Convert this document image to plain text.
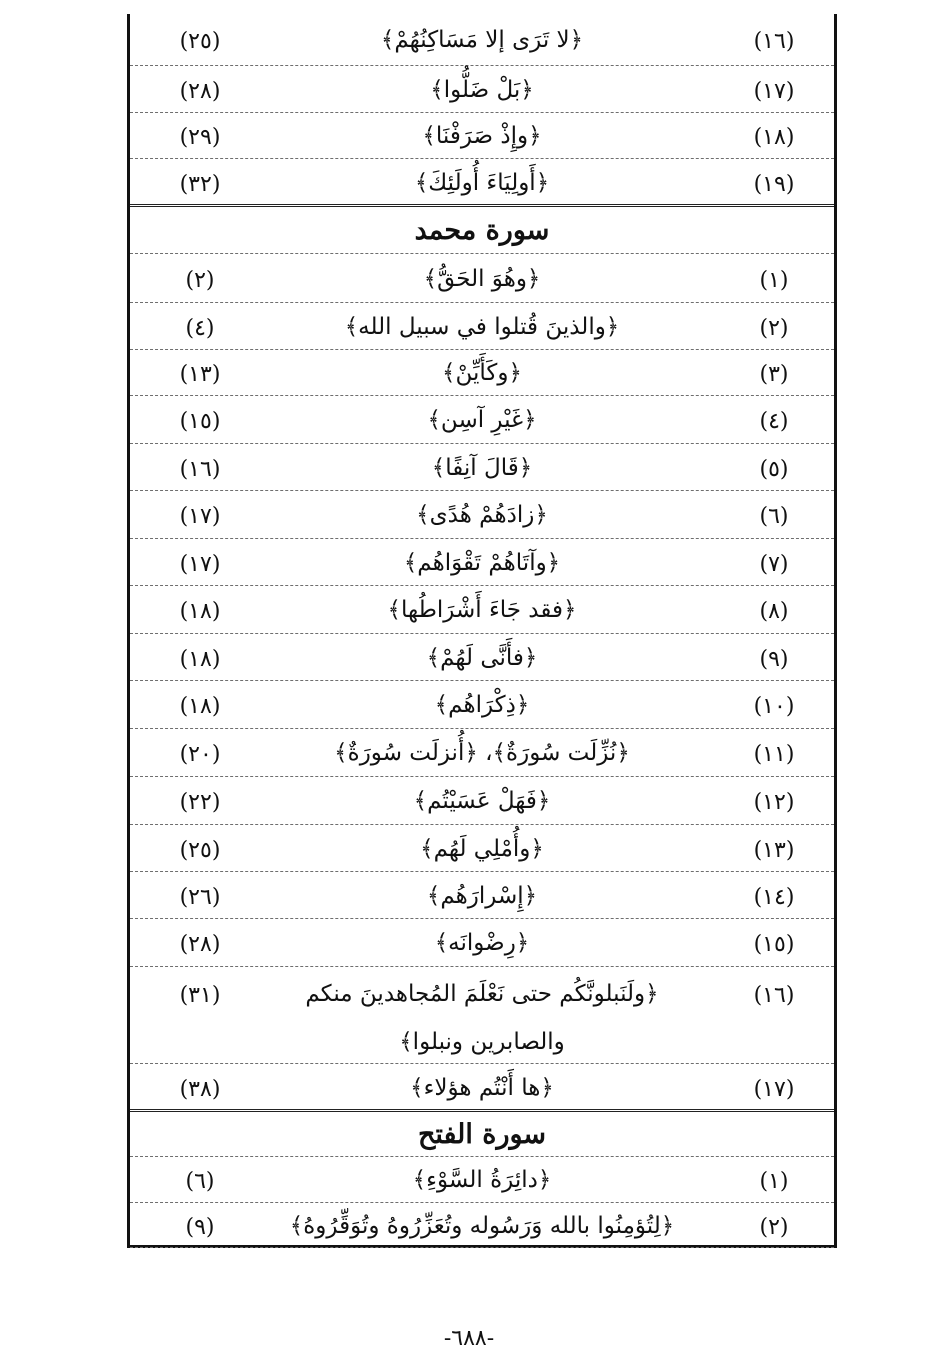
(١٦)
﴿لا تَرَى إلا مَسَاكِنُهُمْ﴾
(٢٥)
(١٧)
﴿بَلْ ضَلُّوا﴾
(٢٨)
(١٨)
﴿وإِذْ صَرَفْنَا﴾
(٢٩)
(١٩)
﴿أَولِيَاءَ أُولَئِكَ﴾
(٣٢)
سورة محمد
(١)
﴿وهُوَ الحَقُّ﴾
(٢)
(٢)
﴿والذينَ قُتلوا في سبيل الله﴾
(٤)
(٣)
﴿وكَأَيِّنْ﴾
(١٣)
(٤)
﴿غَيْرِ آسِن﴾
(١٥)
(٥)
﴿قَالَ آنِفًا﴾
(١٦)
(٦)
﴿زادَهُمْ هُدًى﴾
(١٧)
(٧)
﴿وآتَاهُمْ تَقْوَاهُم﴾
(١٧)
(٨)
﴿فقد جَاءَ أَشْرَاطُها﴾
(١٨)
(٩)
﴿فأَنَّى لَهُمْ﴾
(١٨)
(١٠)
﴿ذِكْرَاهُم﴾
(١٨)
(١١)
﴿نُزِّلَت سُورَةٌ﴾، ﴿أُنزلَت سُورَةٌ﴾
(٢٠)
(١٢)
﴿فَهَلْ عَسَيْتُم﴾
(٢٢)
(١٣)
﴿وأُمْلِي لَهُم﴾
(٢٥)
(١٤)
﴿إِسْرارَهُم﴾
(٢٦)
(١٥)
﴿رِضْوانَه﴾
(٢٨)
والصابرين ونبلوا﴾
(١٦)
﴿ولَنَبلونَّكُم حتى نَعْلَمَ المُجاهدينَ منكم
(٣١)
(١٧)
﴿ها أَنْتُم هؤلاء﴾
(٣٨)
سورة الفتح
(١)
﴿دائِرَةُ السَّوْءِ﴾
(٦)
(٢)
﴿لِتُؤمِنُوا بالله وَرَسُوله وتُعَزِّرُوهُ وتُوَقِّرُوهُ﴾
(٩)
-٦٨٨-
